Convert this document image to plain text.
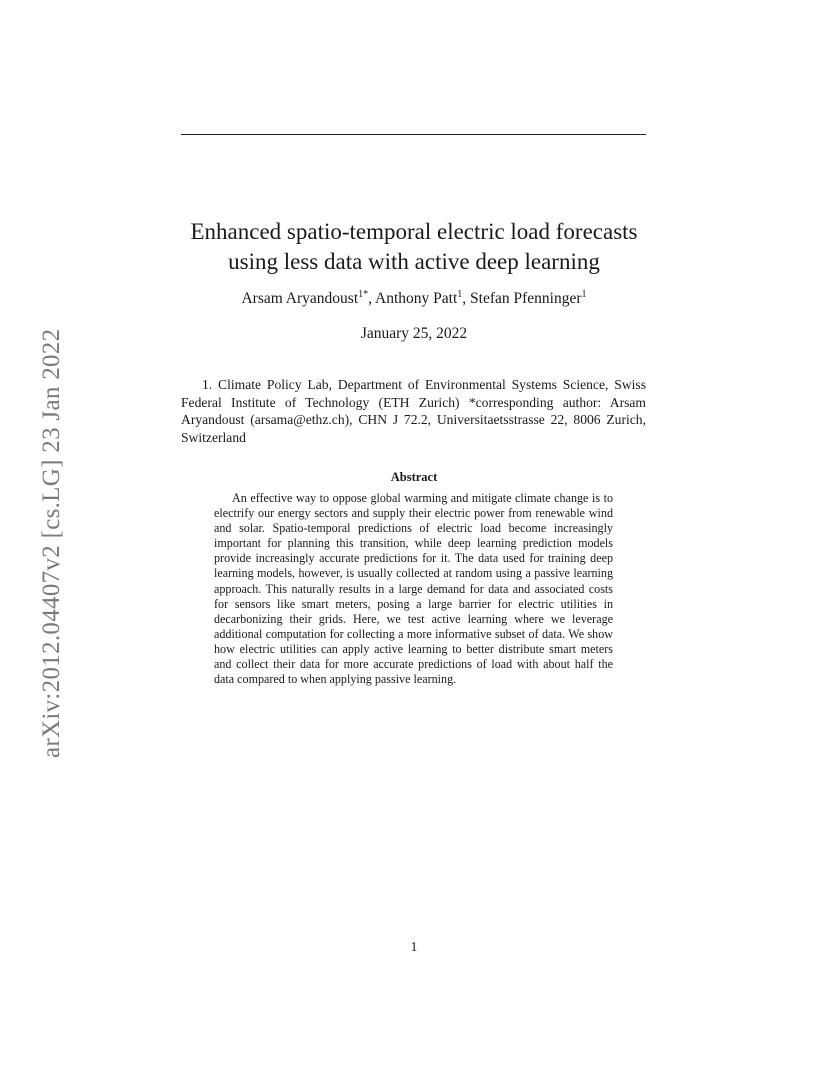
arXiv:2012.04407v2 [cs.LG] 23 Jan 2022
Enhanced spatio-temporal electric load forecasts
using less data with active deep learning
Arsam Aryandoust$^{1*}$, Anthony Patt$^1$, Stefan Pfenninger$^1$
January 25, 2022

1. Climate Policy Lab, Department of Environmental Systems Science, Swiss Federal Institute of Technology (ETH Zurich) *corresponding author: Arsam Aryandoust (arsama@ethz.ch), CHN J 72.2, Universitaetsstrasse 22, 8006 Zurich, Switzerland

Abstract

An effective way to oppose global warming and mitigate climate change is to electrify our energy sectors and supply their electric power from renewable wind and solar. Spatio-temporal predictions of electric load become increasingly important for planning this transition, while deep learning prediction models provide increasingly accurate predictions for it. The data used for training deep learning models, however, is usually collected at random using a passive learning approach. This naturally results in a large demand for data and associated costs for sensors like smart meters, posing a large barrier for electric utilities in decarbonizing their grids. Here, we test active learning where we leverage additional computation for collecting a more informative subset of data. We show how electric utilities can apply active learning to better distribute smart meters and collect their data for more accurate predictions of load with about half the data compared to when applying passive learning.

1
